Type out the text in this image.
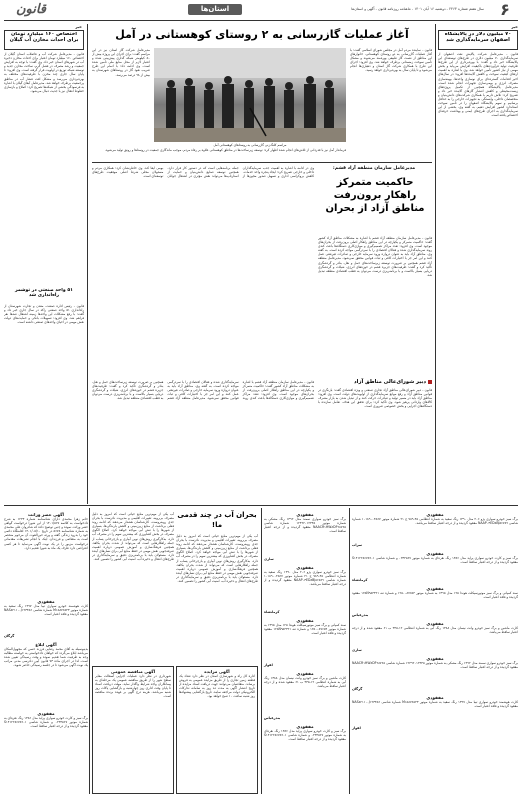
قانون	استان‌ها	سال هفتم شماره ۲۴۶۳ - دوشنبه ۱۶ آبان ۱۴۰۱ - ماهنامه روزنامه قانون - آگهی و استان‌ها	۶
خبر
۷۰ میلیون دلار در پالایشگاه اصفهان سرمایه‌گذاری شد
قانون - مدیرعامل شرکت پالایش نفت اصفهان از سرمایه‌گذاری ۷۰ میلیون دلاری در طرح‌های توسعه‌ای این پالایشگاه خبر داد و گفت: با بهره‌برداری از این طرح‌ها ظرفیت تولید فرآورده‌های باکیفیت افزایش می‌یابد و بخش مهمی از نیاز کشور تأمین خواهد شد. وی با اشاره به اهمیت ارتقای کیفیت سوخت و کاهش آلاینده‌ها افزود: در سال‌های اخیر اقدامات گسترده‌ای برای نوسازی واحدها، بهینه‌سازی مصرف انرژی و بومی‌سازی تجهیزات انجام شده است. مدیرعامل پالایشگاه همچنین از تکمیل پروژه‌های زیست‌محیطی و کاهش انتشار گازهای آلاینده خبر داد و تصریح کرد: تلاش داریم با همکاری شرکت‌های دانش‌بنیان و متخصصان داخلی، وابستگی به تجهیزات خارجی را به حداقل برسانیم و سهم پالایشگاه اصفهان را در تأمین سوخت استاندارد کشور افزایش دهیم. به گفته وی، بخشی از این سرمایه‌گذاری به اجرای طرح‌های ایمنی و بهداشت حرفه‌ای اختصاص یافته است.
خبر
اختصاص ۱۶۰ میلیارد تومان برای احداث مخازن آب گیلان
قانون - مدیرعامل شرکت آب و فاضلاب استان گیلان از اختصاص ۱۶۰ میلیارد تومان اعتبار برای احداث مخازن ذخیره آب در شهرهای استان خبر داد. وی گفت: با توجه به افزایش جمعیت و رشد مصرف در فصل گرم، ساخت مخازن جدید و توسعه شبکه توزیع در اولویت قرار گرفته است. وی افزود: تا پایان سال جاری چند مخزن با ظرفیت‌های مختلف به بهره‌برداری می‌رسد و مشکل افت فشار آب در مناطق پرجمعیت برطرف خواهد شد. مدیرعامل آبفای گیلان با اشاره به فرسودگی بخشی از شبکه‌ها تصریح کرد: اصلاح و بازسازی خطوط انتقال نیز با جدیت دنبال می‌شود.
۵۱ واحد صنعتی در توشمر راه‌اندازی شد
قانون - رئیس اداره صنعت، معدن و تجارت شهرستان از راه‌اندازی ۵۱ واحد صنعتی راکد در سال جاری خبر داد و گفت: با رفع مشکلات این واحدها زمینه اشتغال صدها نفر فراهم شد. وی افزود: تسهیلات بانکی و حمایت‌های دولت نقش مهمی در احیای واحدهای صنعتی داشته است.
آغاز عملیات گازرسانی به ۲ روستای کوهستانی در آمل
قانون - نماینده مردم آمل در مجلس شورای اسلامی گفت: با آغاز عملیات گازرسانی به دو روستای کوهستانی، خانوارهای این مناطق از نعمت گاز طبیعی بهره‌مند می‌شوند و مشکل تأمین سوخت زمستانی برطرف خواهد شد. وی افزود: اجرای این طرح با همکاری شرکت گاز استان و دهیاری‌ها انجام می‌شود و تا پایان سال به بهره‌برداری خواهد رسید.
مدیرعامل شرکت گاز استان نیز در این مراسم گفت: برای اجرای این پروژه بیش از ۵۰ کیلومتر شبکه گذاری پیش‌بینی شده و اعتبار لازم از محل منابع ملی تأمین شده است. وی ادامه داد: با اتمام این طرح ضریب نفوذ گاز در روستاهای شهرستان به بیش از ۹۸ درصد می‌رسد.
مراسم کلنگ‌زنی گازرسانی به روستاهای کوهستانی آمل
فرماندار آمل نیز با قدردانی از تلاش‌های انجام شده اظهار کرد: توسعه زیرساخت‌ها در مناطق کوهستانی علاوه بر رفاه مردم، موجب ماندگاری جمعیت در روستاها و رونق تولید می‌شود.
مدیرعامل سازمان منطقه آزاد قشم:
حاکمیت متمرکز راهکار برون‌رفت مناطق آزاد از بحران
قانون - مدیرعامل سازمان منطقه آزاد قشم با اشاره به مشکلات مناطق آزاد کشور گفت: حاکمیت متمرکز و یکپارچه در این مناطق راهکار اصلی برون‌رفت از بحران‌های موجود است. وی افزود: تعدد مراکز تصمیم‌گیری و موازی‌کاری دستگاه‌ها باعث کندی روند سرمایه‌گذاری شده و فعالان اقتصادی را با سردرگمی مواجه کرده است. به گفته وی، مناطق آزاد باید به عنوان دروازه ورود سرمایه خارجی و صادرات غیرنفتی عمل کنند و این امر جز با اختیارات کافی و ثبات قوانین محقق نمی‌شود. مدیرعامل منطقه آزاد قشم همچنین بر ضرورت توسعه زیرساخت‌های حمل و نقل، بنادر و گردشگری تأکید کرد و گفت: ظرفیت‌های جزیره قشم در حوزه‌های انرژی، شیلات و گردشگری دریایی بسیار بالاست و با برنامه‌ریزی درست می‌توان به قطب اقتصادی منطقه تبدیل شد.
وی در ادامه با اشاره به اهمیت جذب سرمایه‌گذاران داخلی و خارجی تصریح کرد: ایجاد پنجره واحد خدمات، کاهش بروکراسی اداری و تسهیل صدور مجوزها از جمله برنامه‌هایی است که در دستور کار قرار دارد. همچنین توسعه صنایع دانش‌بنیان و حمایت از استارتاپ‌ها می‌تواند نقش مؤثری در اشتغال جوانان بومی ایفا کند. وی خاطرنشان کرد: همکاری مردم و مسئولان محلی شرط اصلی موفقیت طرح‌های توسعه‌ای است.
دبیر شورای‌عالی مناطق آزاد
قانون - دبیر شورای‌عالی مناطق آزاد تجاری صنعتی و ویژه اقتصادی گفت: بازنگری در قوانین مناطق آزاد و رفع موانع سرمایه‌گذاری از اولویت‌های دولت است. وی افزود: مناطق آزاد باید در مسیر تولید و صادرات حرکت کنند و از تبدیل شدن به بازار مصرف کالاهای وارداتی پرهیز شود. وی تأکید کرد: برای تحقق این هدف، تعامل سازنده با دستگاه‌های اجرایی و بخش خصوصی ضروری است.
قانون - مدیرعامل سازمان منطقه آزاد قشم با اشاره به مشکلات مناطق آزاد کشور گفت: حاکمیت متمرکز و یکپارچه در این مناطق راهکار اصلی برون‌رفت از بحران‌های موجود است. وی افزود: تعدد مراکز تصمیم‌گیری و موازی‌کاری دستگاه‌ها باعث کندی روند سرمایه‌گذاری شده و فعالان اقتصادی را با سردرگمی مواجه کرده است. به گفته وی، مناطق آزاد باید به عنوان دروازه ورود سرمایه خارجی و صادرات غیرنفتی عمل کنند و این امر جز با اختیارات کافی و ثبات قوانین محقق نمی‌شود. مدیرعامل منطقه آزاد قشم همچنین بر ضرورت توسعه زیرساخت‌های حمل و نقل، بنادر و گردشگری تأکید کرد و گفت: ظرفیت‌های جزیره قشم در حوزه‌های انرژی، شیلات و گردشگری دریایی بسیار بالاست و با برنامه‌ریزی درست می‌توان به قطب اقتصادی منطقه تبدیل شد.
مفقودی
برگ سبز خودرو سواری پژو ۲۰۶ مدل ۱۳۹۰ رنگ سفید به شماره انتظامی ۴۵-۷۸۹ ج ۲۱ شماره موتور ۱۰۱۸۹۰۰۴۵۶۷ شماره شاسی NAAP۰۳ED۸BJ۵۶۷۸۹ مفقود گردیده و از درجه اعتبار ساقط می‌باشد.
سراب
مفقودی
برگ سبز و کارت خودرو سواری پراید مدل ۱۳۸۶ رنگ نقره‌ای به شماره موتور ۰۲۳۴۵۶۷ و شماره شاسی S۱۴۱۲۲۸۶۷۸۹۰۱ مفقود گردیده و از درجه اعتبار ساقط است.
کرمانشاه
مفقودی
سند کمپانی و برگ سبز موتورسیکلت هوندا ۱۲۵ مدل ۱۳۹۵ به شماره موتور ۱۲۵۰۰۸۷۶۵۴ و شماره تنه ۱۲۵N۹۵۴۳۲۱ مفقود گردیده و فاقد اعتبار است.
بندرعباس
مفقودی
کارت ماشین و برگ سبز خودرو وانت نیسان مدل ۱۳۸۸ رنگ آبی به شماره انتظامی ۱۲-۳۴۵ ب ۶۱ مفقود شده و از درجه اعتبار ساقط می‌باشد.
ساری
مفقودی
برگ سبز خودرو سواری سمند مدل ۱۳۹۲ رنگ مشکی به شماره موتور ۱۲۴۹۲۰۱۲۳۴۵ شماره شاسی NAACR۱HW۸DF۹۸۷۶۵ مفقود گردیده و از درجه اعتبار ساقط است.
گرگان
مفقودی
کارت هوشمند خودرو سواری تیبا مدل ۱۳۹۷ رنگ سفید به شماره موتور M۱۵۸۷۶۵۴۳ شماره شاسی NAS۸۲۱۱۰۰J۱۲۳۴۵۶ مفقود گردیده و فاقد اعتبار است.
اهواز
مفقودی
برگ سبز خودرو سواری سمند مدل ۱۳۹۲ رنگ مشکی به شماره موتور ۱۲۴۹۲۰۱۲۳۴۵ شماره شاسی NAACR۱HW۸DF۹۸۷۶۵ مفقود گردیده و از درجه اعتبار ساقط است.
ساری
مفقودی
برگ سبز خودرو سواری پژو ۲۰۶ مدل ۱۳۹۰ رنگ سفید به شماره انتظامی ۴۵-۷۸۹ ج ۲۱ شماره موتور ۱۰۱۸۹۰۰۴۵۶۷ شماره شاسی NAAP۰۳ED۸BJ۵۶۷۸۹ مفقود گردیده و از درجه اعتبار ساقط می‌باشد.
کرمانشاه
مفقودی
سند کمپانی و برگ سبز موتورسیکلت هوندا ۱۲۵ مدل ۱۳۹۵ به شماره موتور ۱۲۵۰۰۸۷۶۵۴ و شماره تنه ۱۲۵N۹۵۴۳۲۱ مفقود گردیده و فاقد اعتبار است.
اهواز
مفقودی
کارت ماشین و برگ سبز خودرو وانت نیسان مدل ۱۳۸۸ رنگ آبی به شماره انتظامی ۱۲-۳۴۵ ب ۶۱ مفقود شده و از درجه اعتبار ساقط می‌باشد.
بندرعباس
مفقودی
برگ سبز و کارت خودرو سواری پراید مدل ۱۳۸۶ رنگ نقره‌ای به شماره موتور ۰۲۳۴۵۶۷ و شماره شاسی S۱۴۱۲۲۸۶۷۸۹۰۱ مفقود گردیده و از درجه اعتبار ساقط است.
بحران آب در چند قدمی ما!
آب یکی از مهم‌ترین منابع حیاتی است که امروز به دلیل مصرف بی‌رویه، تغییرات اقلیمی و مدیریت نادرست با بحران جدی روبه‌روست. کارشناسان هشدار می‌دهند که ادامه روند فعلی برداشت از منابع زیرزمینی و کاهش بارندگی‌ها، بسیاری از شهرها را با تنش آبی مواجه خواهد کرد. اصلاح الگوی مصرف در بخش کشاورزی که بیشترین سهم را در مصرف آب دارد، به‌کارگیری روش‌های نوین آبیاری و بازچرخانی پساب از جمله راهکارهایی است که می‌تواند از شدت بحران بکاهد. همچنین فرهنگ‌سازی و آموزش عمومی درباره اهمیت صرفه‌جویی نقش مهمی در حفظ منابع آبی برای نسل‌های آینده دارد. مسئولان باید با برنامه‌ریزی دقیق و سرمایه‌گذاری در طرح‌های انتقال و ذخیره آب، امنیت آبی کشور را تضمین کنند.
آب یکی از مهم‌ترین منابع حیاتی است که امروز به دلیل مصرف بی‌رویه، تغییرات اقلیمی و مدیریت نادرست با بحران جدی روبه‌روست. کارشناسان هشدار می‌دهند که ادامه روند فعلی برداشت از منابع زیرزمینی و کاهش بارندگی‌ها، بسیاری از شهرها را با تنش آبی مواجه خواهد کرد. اصلاح الگوی مصرف در بخش کشاورزی که بیشترین سهم را در مصرف آب دارد، به‌کارگیری روش‌های نوین آبیاری و بازچرخانی پساب از جمله راهکارهایی است که می‌تواند از شدت بحران بکاهد. همچنین فرهنگ‌سازی و آموزش عمومی درباره اهمیت صرفه‌جویی نقش مهمی در حفظ منابع آبی برای نسل‌های آینده دارد. مسئولان باید با برنامه‌ریزی دقیق و سرمایه‌گذاری در طرح‌های انتقال و ذخیره آب، امنیت آبی کشور را تضمین کنند.
آگهی مزایده
اداره کل راه و شهرسازی استان در نظر دارد تعداد یک قطعه زمین تجاری را از طریق مزایده عمومی به فروش برساند. متقاضیان می‌توانند جهت دریافت اسناد مزایده از تاریخ انتشار آگهی به مدت ده روز به سامانه تدارکات الکترونیکی دولت مراجعه نمایند. تاریخ بازگشایی پیشنهادها روز شنبه ساعت ۱۰ صبح خواهد بود.
آگهی مناقصه عمومی
شهرداری در نظر دارد عملیات اجرایی آسفالت معابر سطح شهر را از طریق مناقصه عمومی یک مرحله‌ای به پیمانکاران واجد شرایط واگذار نماید. مهلت دریافت اسناد تا پایان وقت اداری روز چهارشنبه و بازگشایی پاکات روز شنبه می‌باشد. هزینه درج آگهی بر عهده برنده مناقصه است.
آگهی حصر وراثت
خانم زهرا محمدی دارای شناسنامه شماره ۱۲۳۴ به شرح دادخواست به کلاسه ۱۴۰۱/۵۶۷ از این شورا درخواست گواهی حصر وراثت نموده و چنین توضیح داده که شادروان علی محمدی به شماره شناسنامه ۵۶۷۸ در تاریخ ۱۴۰۱/۰۵/۱۰ اقامتگاه دائمی خود را بدرود زندگی گفته و ورثه حین‌الفوت آن مرحوم منحصر است به متقاضی و فرزندان. اینک با انجام تشریفات مقدماتی درخواست مزبور را در یک نوبت آگهی می‌نماید تا هر کسی اعتراضی دارد ظرف یک ماه به شورا تقدیم دارد.
مفقودی
کارت هوشمند خودرو سواری تیبا مدل ۱۳۹۷ رنگ سفید به شماره موتور M۱۵۸۷۶۵۴۳ شماره شاسی NAS۸۲۱۱۰۰J۱۲۳۴۵۶ مفقود گردیده و فاقد اعتبار است.
گرگان
آگهی ابلاغ
بدینوسیله به آقای محمد رضایی فرزند حسن که مجهول‌المکان می‌باشد ابلاغ می‌گردد که خواهان دادخواستی به خواسته مطالبه وجه به طرفیت شما تقدیم نموده و وقت رسیدگی تعیین شده است. لذا در اجرای ماده ۷۳ قانون آیین دادرسی مدنی مراتب یک نوبت آگهی می‌شود تا در جلسه رسیدگی حاضر شوید.
مفقودی
برگ سبز و کارت خودرو سواری پراید مدل ۱۳۸۶ رنگ نقره‌ای به شماره موتور ۰۲۳۴۵۶۷ و شماره شاسی S۱۴۱۲۲۸۶۷۸۹۰۱ مفقود گردیده و از درجه اعتبار ساقط است.
